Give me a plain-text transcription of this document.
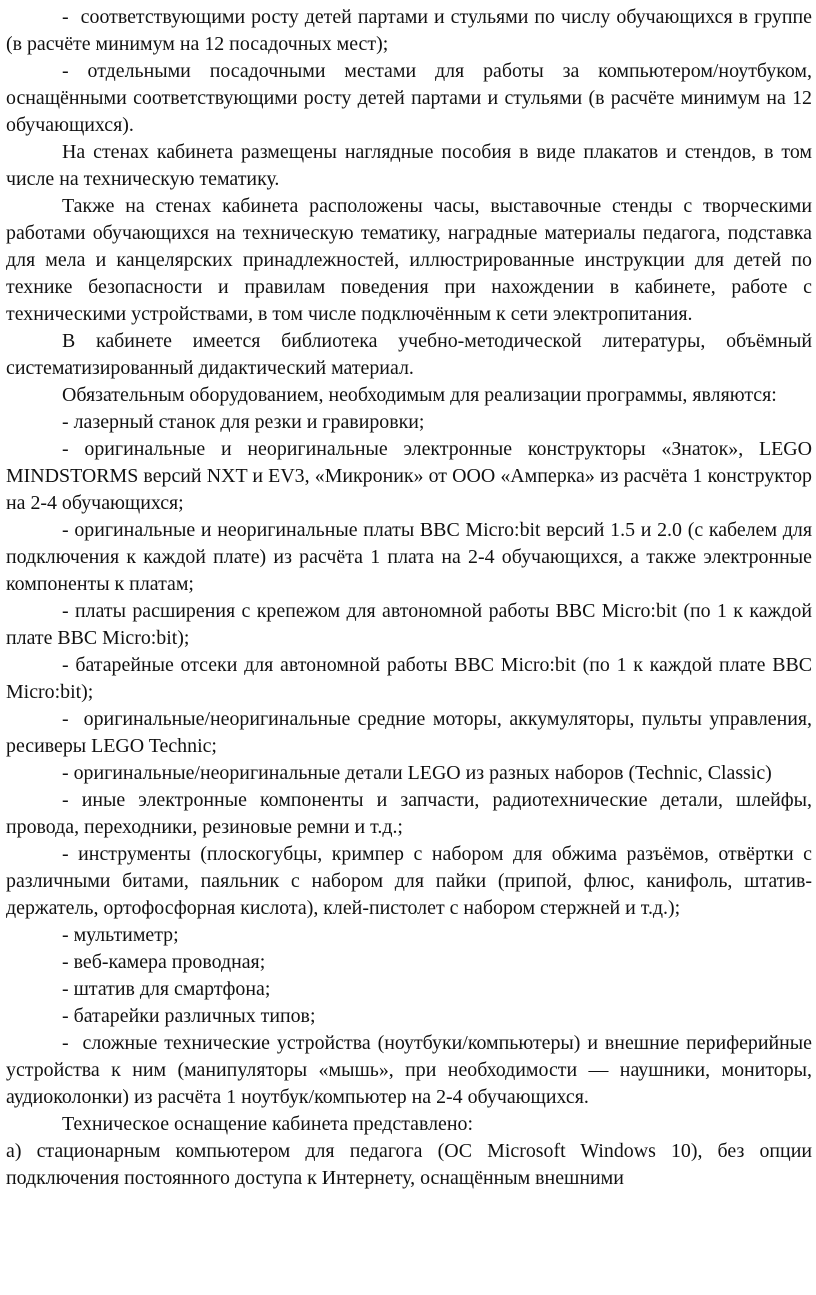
-  соответствующими росту детей партами и стульями по числу обучающихся в группе (в расчёте минимум на 12 посадочных мест);

- отдельными посадочными местами для работы за компьютером/ноутбуком, оснащёнными соответствующими росту детей партами и стульями (в расчёте минимум на 12 обучающихся).

На стенах кабинета размещены наглядные пособия в виде плакатов и стендов, в том числе на техническую тематику.

Также на стенах кабинета расположены часы, выставочные стенды с творческими работами обучающихся на техническую тематику, наградные материалы педагога, подставка для мела и канцелярских принадлежностей, иллюстрированные инструкции для детей по технике безопасности и правилам поведения при нахождении в кабинете, работе с техническими устройствами, в том числе подключённым к сети электропитания.

В кабинете имеется библиотека учебно-методической литературы, объёмный систематизированный дидактический материал.

Обязательным оборудованием, необходимым для реализации программы, являются:

- лазерный станок для резки и гравировки;

- оригинальные и неоригинальные электронные конструкторы «Знаток», LEGO MINDSTORMS версий NXT и EV3, «Микроник» от ООО «Амперка» из расчёта 1 конструктор на 2-4 обучающихся;

- оригинальные и неоригинальные платы BBC Micro:bit версий 1.5 и 2.0 (с кабелем для подключения к каждой плате) из расчёта 1 плата на 2-4 обучающихся, а также электронные компоненты к платам;

- платы расширения с крепежом для автономной работы BBC Micro:bit (по 1 к каждой плате BBC Micro:bit);

- батарейные отсеки для автономной работы BBC Micro:bit (по 1 к каждой плате BBC Micro:bit);

-  оригинальные/неоригинальные средние моторы, аккумуляторы, пульты управления, ресиверы LEGO Technic;

- оригинальные/неоригинальные детали LEGO из разных наборов (Technic, Classic)

- иные электронные компоненты и запчасти, радиотехнические детали, шлейфы, провода, переходники, резиновые ремни и т.д.;

- инструменты (плоскогубцы, кримпер с набором для обжима разъёмов, отвёртки с различными битами, паяльник с набором для пайки (припой, флюс, канифоль, штатив-держатель, ортофосфорная кислота), клей-пистолет с набором стержней и т.д.);

- мультиметр;

- веб-камера проводная;

- штатив для смартфона;

- батарейки различных типов;

-  сложные технические устройства (ноутбуки/компьютеры) и внешние периферийные устройства к ним (манипуляторы «мышь», при необходимости — наушники, мониторы, аудиоколонки) из расчёта 1 ноутбук/компьютер на 2-4 обучающихся.

Техническое оснащение кабинета представлено:

а) стационарным компьютером для педагога (ОС Microsoft Windows 10), без опции подключения постоянного доступа к Интернету, оснащённым внешними
